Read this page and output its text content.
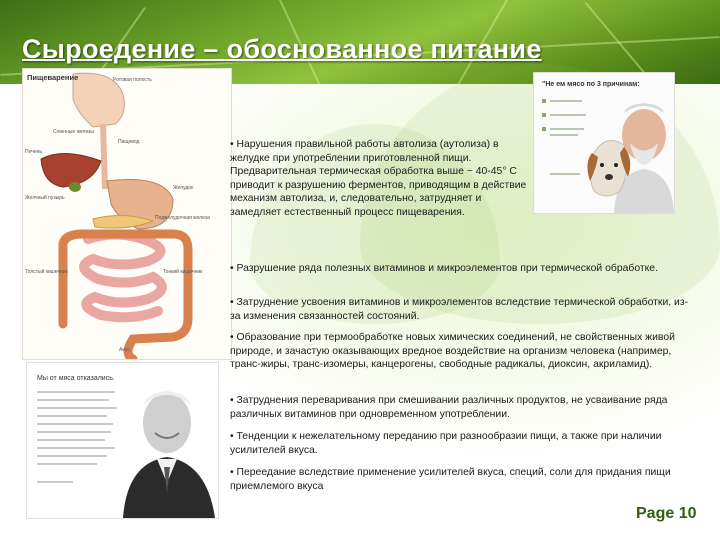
Сыроедение – обоснованное питание
Пищеварение	Ротовая полость
Слюнные железы
Пищевод
Печень
Желчный пузырь
Желудок
Поджелудочная железа
Тонкий кишечник
Толстый кишечник
Анус
"Не ем мясо по 3 причинам:
Мы от мяса отказались.
• Нарушения правильной работы автолиза (аутолиза) в желудке при употреблении приготовленной пищи. Предварительная термическая обработка выше ~ 40-45° С приводит к разрушению ферментов, приводящим в действие механизм автолиза, и, следовательно, затрудняет и замедляет естественный процесс пищеварения.
• Разрушение ряда полезных витаминов и микроэлементов при термической обработке.
• Затруднение усвоения витаминов и микроэлементов вследствие термической обработки, из-за изменения связанностей состояний.
• Образование при термообработке новых химических соединений, не свойственных живой природе, и зачастую оказывающих вредное воздействие на организм человека (например, транс-жиры, транс-изомеры, канцерогены, свободные радикалы, диоксин, акриламид).
• Затруднения переваривания при смешивании различных продуктов, не усваивание ряда различных витаминов при одновременном употреблении.
• Тенденции к нежелательному переданию при разнообразии пищи, а также при наличии усилителей вкуса.
• Переедание вследствие применение усилителей вкуса, специй, соли для придания пищи приемлемого вкуса
Page 10
